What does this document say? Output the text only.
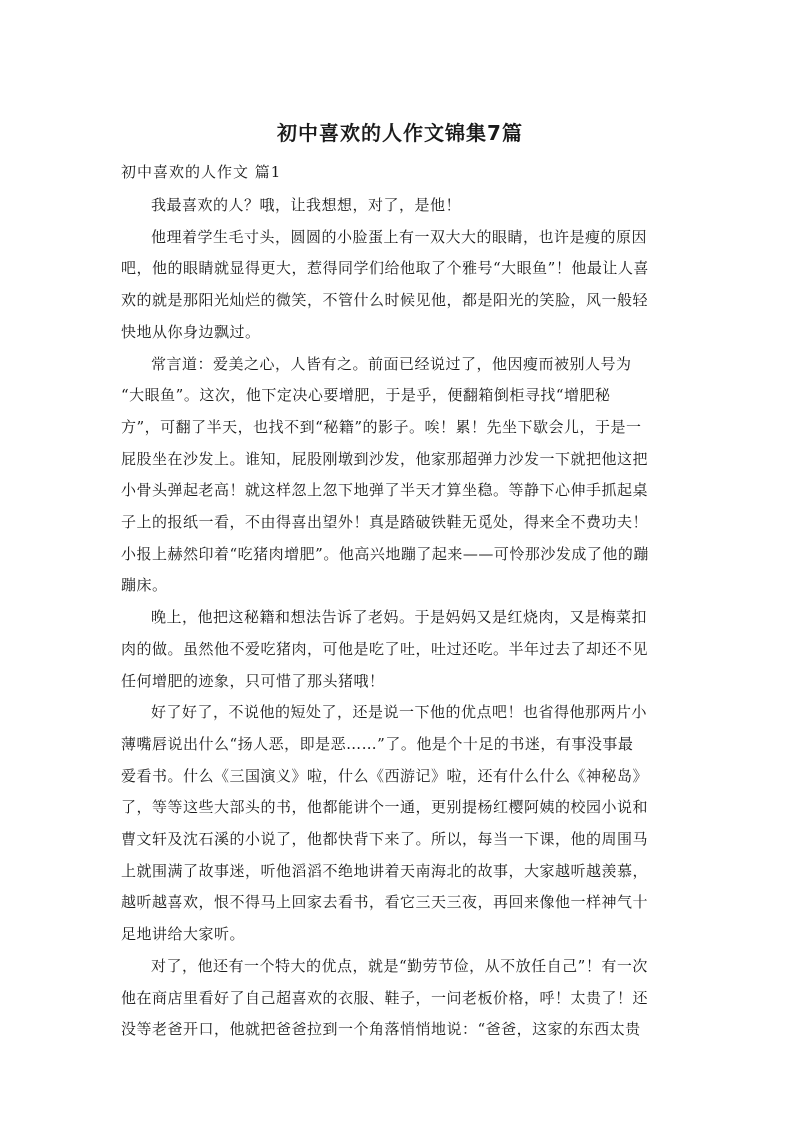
初中喜欢的人作文锦集7篇
初中喜欢的人作文 篇1
我最喜欢的人？哦，让我想想，对了，是他！
他理着学生毛寸头，圆圆的小脸蛋上有一双大大的眼睛，也许是瘦的原因
吧，他的眼睛就显得更大，惹得同学们给他取了个雅号“大眼鱼”！他最让人喜
欢的就是那阳光灿烂的微笑，不管什么时候见他，都是阳光的笑脸，风一般轻
快地从你身边飘过。
常言道：爱美之心，人皆有之。前面已经说过了，他因瘦而被别人号为
“大眼鱼”。这次，他下定决心要增肥，于是乎，便翻箱倒柜寻找“增肥秘
方”，可翻了半天，也找不到“秘籍”的影子。唉！累！先坐下歇会儿，于是一
屁股坐在沙发上。谁知，屁股刚墩到沙发，他家那超弹力沙发一下就把他这把
小骨头弹起老高！就这样忽上忽下地弹了半天才算坐稳。等静下心伸手抓起桌
子上的报纸一看，不由得喜出望外！真是踏破铁鞋无觅处，得来全不费功夫！
小报上赫然印着“吃猪肉增肥”。他高兴地蹦了起来——可怜那沙发成了他的蹦
蹦床。
晚上，他把这秘籍和想法告诉了老妈。于是妈妈又是红烧肉，又是梅菜扣
肉的做。虽然他不爱吃猪肉，可他是吃了吐，吐过还吃。半年过去了却还不见
任何增肥的迹象，只可惜了那头猪哦！
好了好了，不说他的短处了，还是说一下他的优点吧！也省得他那两片小
薄嘴唇说出什么“扬人恶，即是恶……”了。他是个十足的书迷，有事没事最
爱看书。什么《三国演义》啦，什么《西游记》啦，还有什么什么《神秘岛》
了，等等这些大部头的书，他都能讲个一通，更别提杨红樱阿姨的校园小说和
曹文轩及沈石溪的小说了，他都快背下来了。所以，每当一下课，他的周围马
上就围满了故事迷，听他滔滔不绝地讲着天南海北的故事，大家越听越羡慕，
越听越喜欢，恨不得马上回家去看书，看它三天三夜，再回来像他一样神气十
足地讲给大家听。
对了，他还有一个特大的优点，就是“勤劳节俭，从不放任自己”！有一次
他在商店里看好了自己超喜欢的衣服、鞋子，一问老板价格，呼！太贵了！还
没等老爸开口，他就把爸爸拉到一个角落悄悄地说：“爸爸，这家的东西太贵
